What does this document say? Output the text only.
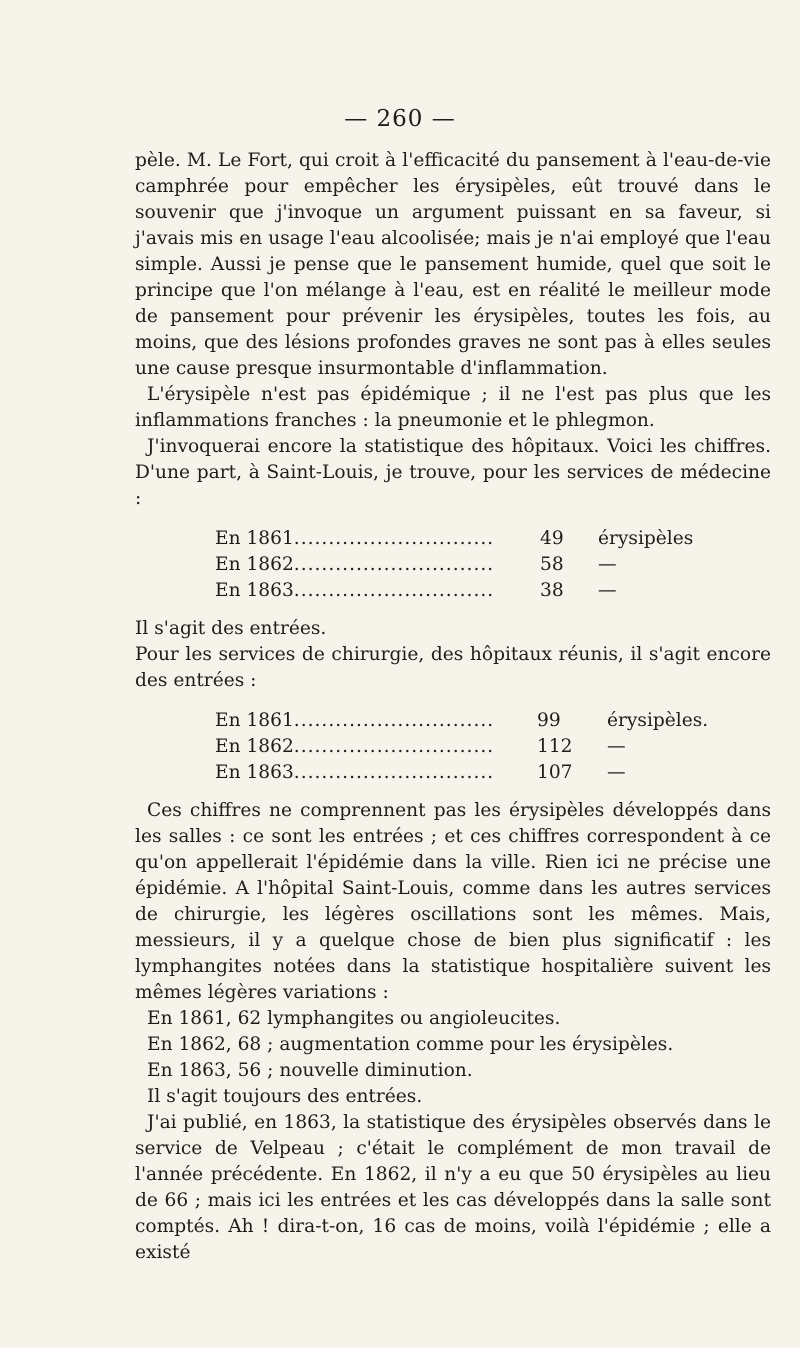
— 260 —

pèle. M. Le Fort, qui croit à l'efficacité du pansement à l'eau-de-vie camphrée pour empêcher les érysipèles, eût trouvé dans le souvenir que j'invoque un argument puissant en sa faveur, si j'avais mis en usage l'eau alcoolisée; mais je n'ai employé que l'eau simple. Aussi je pense que le pansement humide, quel que soit le principe que l'on mélange à l'eau, est en réalité le meilleur mode de pansement pour prévenir les érysipèles, toutes les fois, au moins, que des lésions profondes graves ne sont pas à elles seules une cause presque insurmontable d'inflammation.

L'érysipèle n'est pas épidémique ; il ne l'est pas plus que les inflammations franches : la pneumonie et le phlegmon.

J'invoquerai encore la statistique des hôpitaux. Voici les chiffres. D'une part, à Saint-Louis, je trouve, pour les services de médecine :

En 1861.............................	49	érysipèles
En 1862.............................	58	—
En 1863.............................	38	—

Il s'agit des entrées.

Pour les services de chirurgie, des hôpitaux réunis, il s'agit encore des entrées :

En 1861.............................	99	érysipèles.
En 1862.............................	112	—
En 1863.............................	107	—

Ces chiffres ne comprennent pas les érysipèles développés dans les salles : ce sont les entrées ; et ces chiffres correspondent à ce qu'on appellerait l'épidémie dans la ville. Rien ici ne précise une épidémie. A l'hôpital Saint-Louis, comme dans les autres services de chirurgie, les légères oscillations sont les mêmes. Mais, messieurs, il y a quelque chose de bien plus significatif : les lymphangites notées dans la statistique hospitalière suivent les mêmes légères variations :

En 1861, 62 lymphangites ou angioleucites.

En 1862, 68 ; augmentation comme pour les érysipèles.

En 1863, 56 ; nouvelle diminution.

Il s'agit toujours des entrées.

J'ai publié, en 1863, la statistique des érysipèles observés dans le service de Velpeau ; c'était le complément de mon travail de l'année précédente. En 1862, il n'y a eu que 50 érysipèles au lieu de 66 ; mais ici les entrées et les cas développés dans la salle sont comptés. Ah ! dira-t-on, 16 cas de moins, voilà l'épidémie ; elle a existé
